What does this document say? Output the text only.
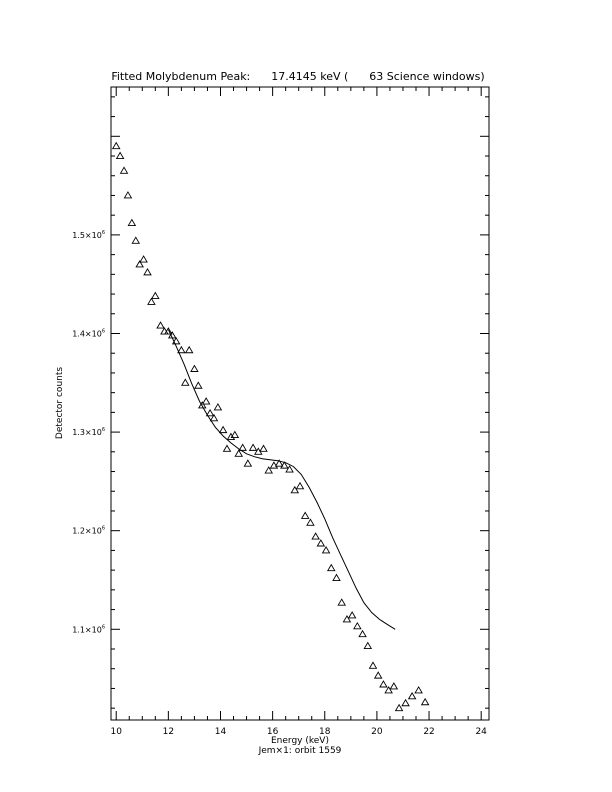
Fitted Molybdenum Peak:      17.4145 keV (      63 Science windows)
10	12	14	16	18	20	22	24
$1.1\times 10^6$
$1.2\times 10^6$
$1.3\times 10^6$
$1.4\times 10^6$
$1.5\times 10^6$
Energy (keV)
Jem×1: orbit 1559
Detector counts
